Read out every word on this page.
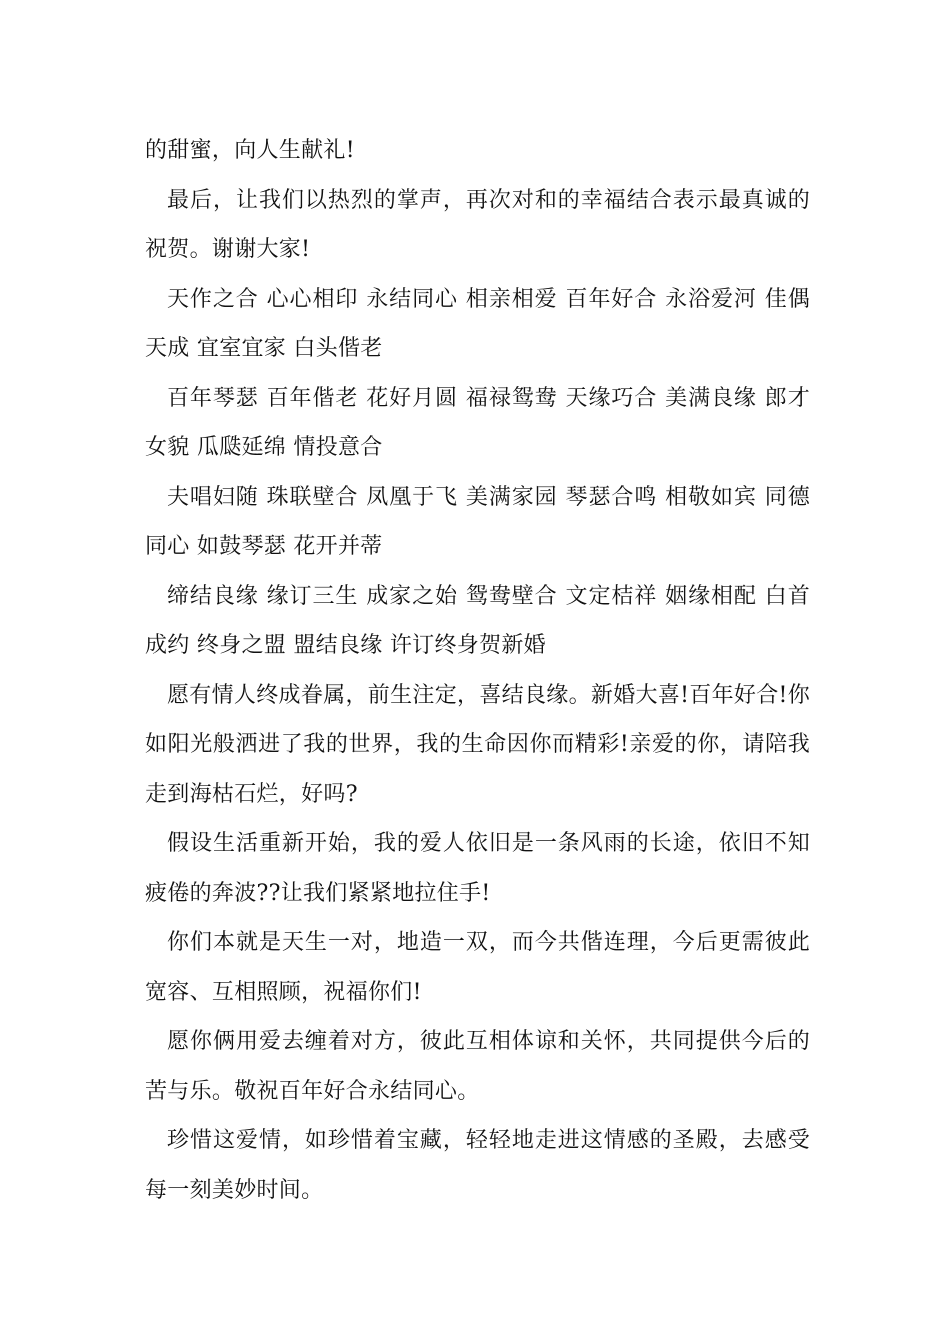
的甜蜜，向人生献礼!

最后，让我们以热烈的掌声，再次对和的幸福结合表示最真诚的祝贺。谢谢大家!

天作之合 心心相印 永结同心 相亲相爱 百年好合 永浴爱河 佳偶天成 宜室宜家 白头偕老

百年琴瑟 百年偕老 花好月圆 福禄鸳鸯 天缘巧合 美满良缘 郎才女貌 瓜瓞延绵 情投意合

夫唱妇随 珠联壁合 凤凰于飞 美满家园 琴瑟合鸣 相敬如宾 同德同心 如鼓琴瑟 花开并蒂

缔结良缘 缘订三生 成家之始 鸳鸯壁合 文定桔祥 姻缘相配 白首成约 终身之盟 盟结良缘 许订终身贺新婚

愿有情人终成眷属，前生注定，喜结良缘。新婚大喜!百年好合!你如阳光般洒进了我的世界，我的生命因你而精彩!亲爱的你，请陪我走到海枯石烂，好吗?

假设生活重新开始，我的爱人依旧是一条风雨的长途，依旧不知疲倦的奔波??让我们紧紧地拉住手!

你们本就是天生一对，地造一双，而今共偕连理，今后更需彼此宽容、互相照顾，祝福你们!

愿你俩用爱去缠着对方，彼此互相体谅和关怀，共同提供今后的苦与乐。敬祝百年好合永结同心。

珍惜这爱情，如珍惜着宝藏，轻轻地走进这情感的圣殿，去感受每一刻美妙时间。
